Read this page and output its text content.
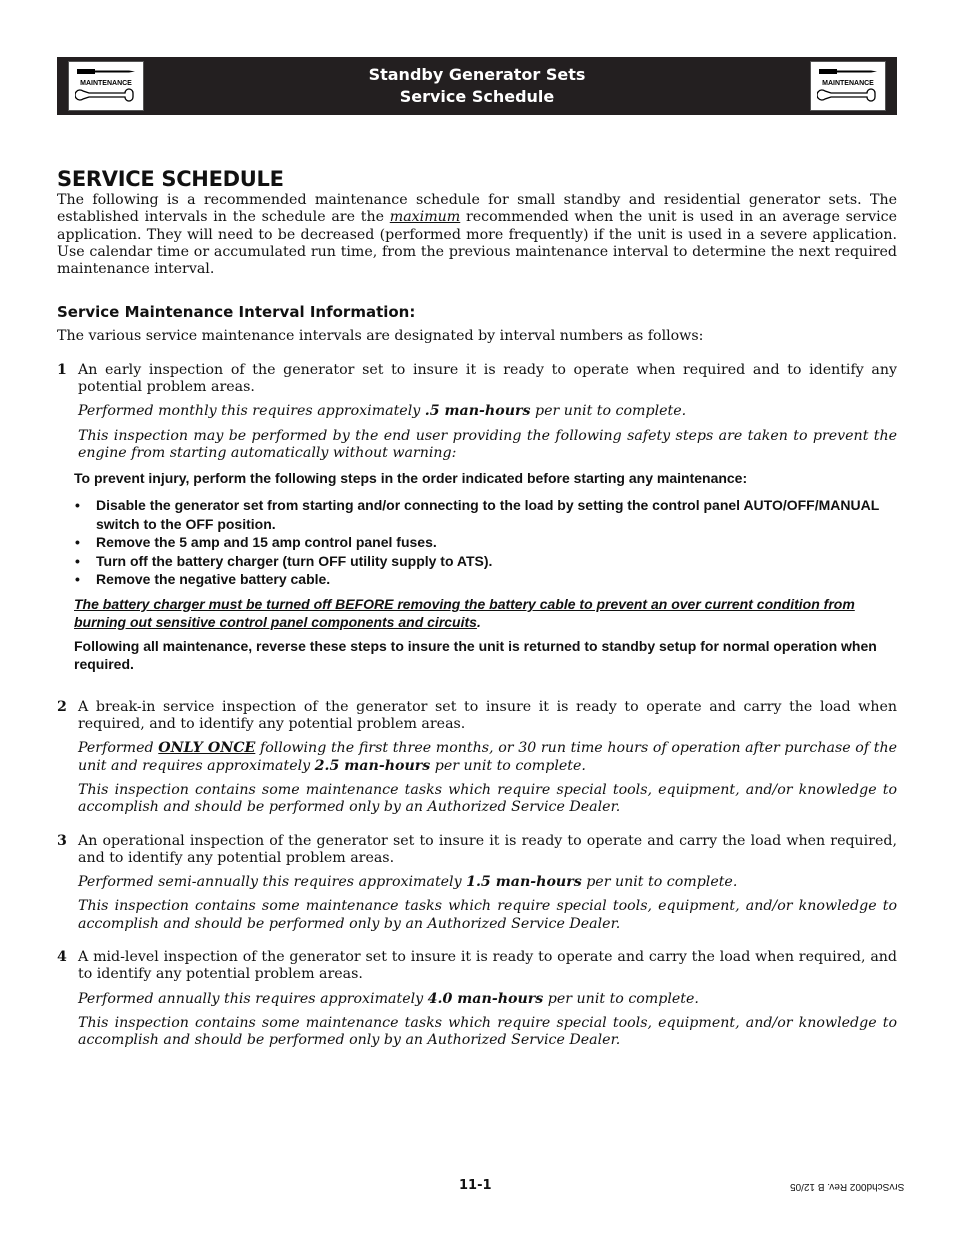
MAINTENANCE	Standby Generator Sets
Service Schedule
MAINTENANCE
SERVICE SCHEDULE

The following is a recommended maintenance schedule for small standby and residential generator sets. The established intervals in the schedule are the maximum recommended when the unit is used in an average service application. They will need to be decreased (performed more frequently) if the unit is used in a severe application. Use calendar time or accumulated run time, from the previous maintenance interval to determine the next required maintenance interval.

Service Maintenance Interval Information:

The various service maintenance intervals are designated by interval numbers as follows:

1 An early inspection of the generator set to insure it is ready to operate when required and to identify any potential problem areas.

Performed monthly this requires approximately .5 man-hours per unit to complete.

This inspection may be performed by the end user providing the following safety steps are taken to prevent the engine from starting automatically without warning:

To prevent injury, perform the following steps in the order indicated before starting any maintenance:
• Disable the generator set from starting and/or connecting to the load by setting the control panel AUTO/OFF/MANUAL switch to the OFF position.
• Remove the 5 amp and 15 amp control panel fuses.
• Turn off the battery charger (turn OFF utility supply to ATS).
• Remove the negative battery cable.
The battery charger must be turned off BEFORE removing the battery cable to prevent an over current condition from burning out sensitive control panel components and circuits.
Following all maintenance, reverse these steps to insure the unit is returned to standby setup for normal operation when required.
2 A break-in service inspection of the generator set to insure it is ready to operate and carry the load when required, and to identify any potential problem areas.

Performed ONLY ONCE following the first three months, or 30 run time hours of operation after purchase of the unit and requires approximately 2.5 man-hours per unit to complete.

This inspection contains some maintenance tasks which require special tools, equipment, and/or knowledge to accomplish and should be performed only by an Authorized Service Dealer.

3 An operational inspection of the generator set to insure it is ready to operate and carry the load when required, and to identify any potential problem areas.

Performed semi-annually this requires approximately 1.5 man-hours per unit to complete.

This inspection contains some maintenance tasks which require special tools, equipment, and/or knowledge to accomplish and should be performed only by an Authorized Service Dealer.

4 A mid-level inspection of the generator set to insure it is ready to operate and carry the load when required, and to identify any potential problem areas.

Performed annually this requires approximately 4.0 man-hours per unit to complete.

This inspection contains some maintenance tasks which require special tools, equipment, and/or knowledge to accomplish and should be performed only by an Authorized Service Dealer.

11-1	SrvSchd002 Rev. B 12/05
